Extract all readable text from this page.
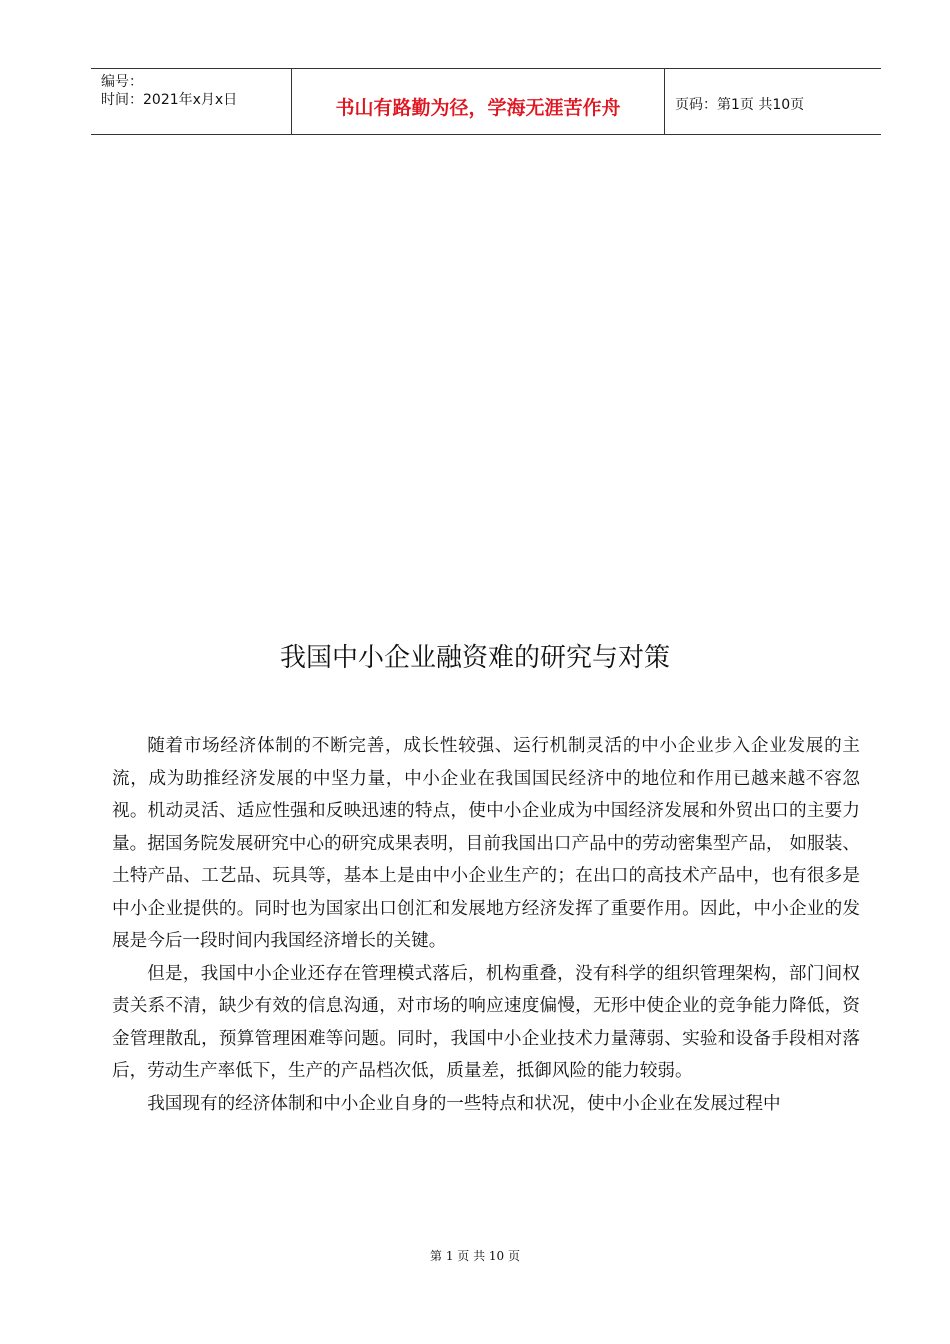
编号：
时间：2021年x月x日	书山有路勤为径，学海无涯苦作舟	页码：第1页 共10页
我国中小企业融资难的研究与对策

随着市场经济体制的不断完善，成长性较强、运行机制灵活的中小企业步入企业发展的主流，成为助推经济发展的中坚力量，中小企业在我国国民经济中的地位和作用已越来越不容忽视。机动灵活、适应性强和反映迅速的特点，使中小企业成为中国经济发展和外贸出口的主要力量。据国务院发展研究中心的研究成果表明，目前我国出口产品中的劳动密集型产品， 如服装、土特产品、工艺品、玩具等，基本上是由中小企业生产的；在出口的高技术产品中，也有很多是中小企业提供的。同时也为国家出口创汇和发展地方经济发挥了重要作用。因此，中小企业的发展是今后一段时间内我国经济增长的关键。

但是，我国中小企业还存在管理模式落后，机构重叠，没有科学的组织管理架构，部门间权责关系不清，缺少有效的信息沟通，对市场的响应速度偏慢，无形中使企业的竞争能力降低，资金管理散乱，预算管理困难等问题。同时，我国中小企业技术力量薄弱、实验和设备手段相对落后，劳动生产率低下，生产的产品档次低，质量差，抵御风险的能力较弱。

我国现有的经济体制和中小企业自身的一些特点和状况，使中小企业在发展过程中

第 1 页 共 10 页
